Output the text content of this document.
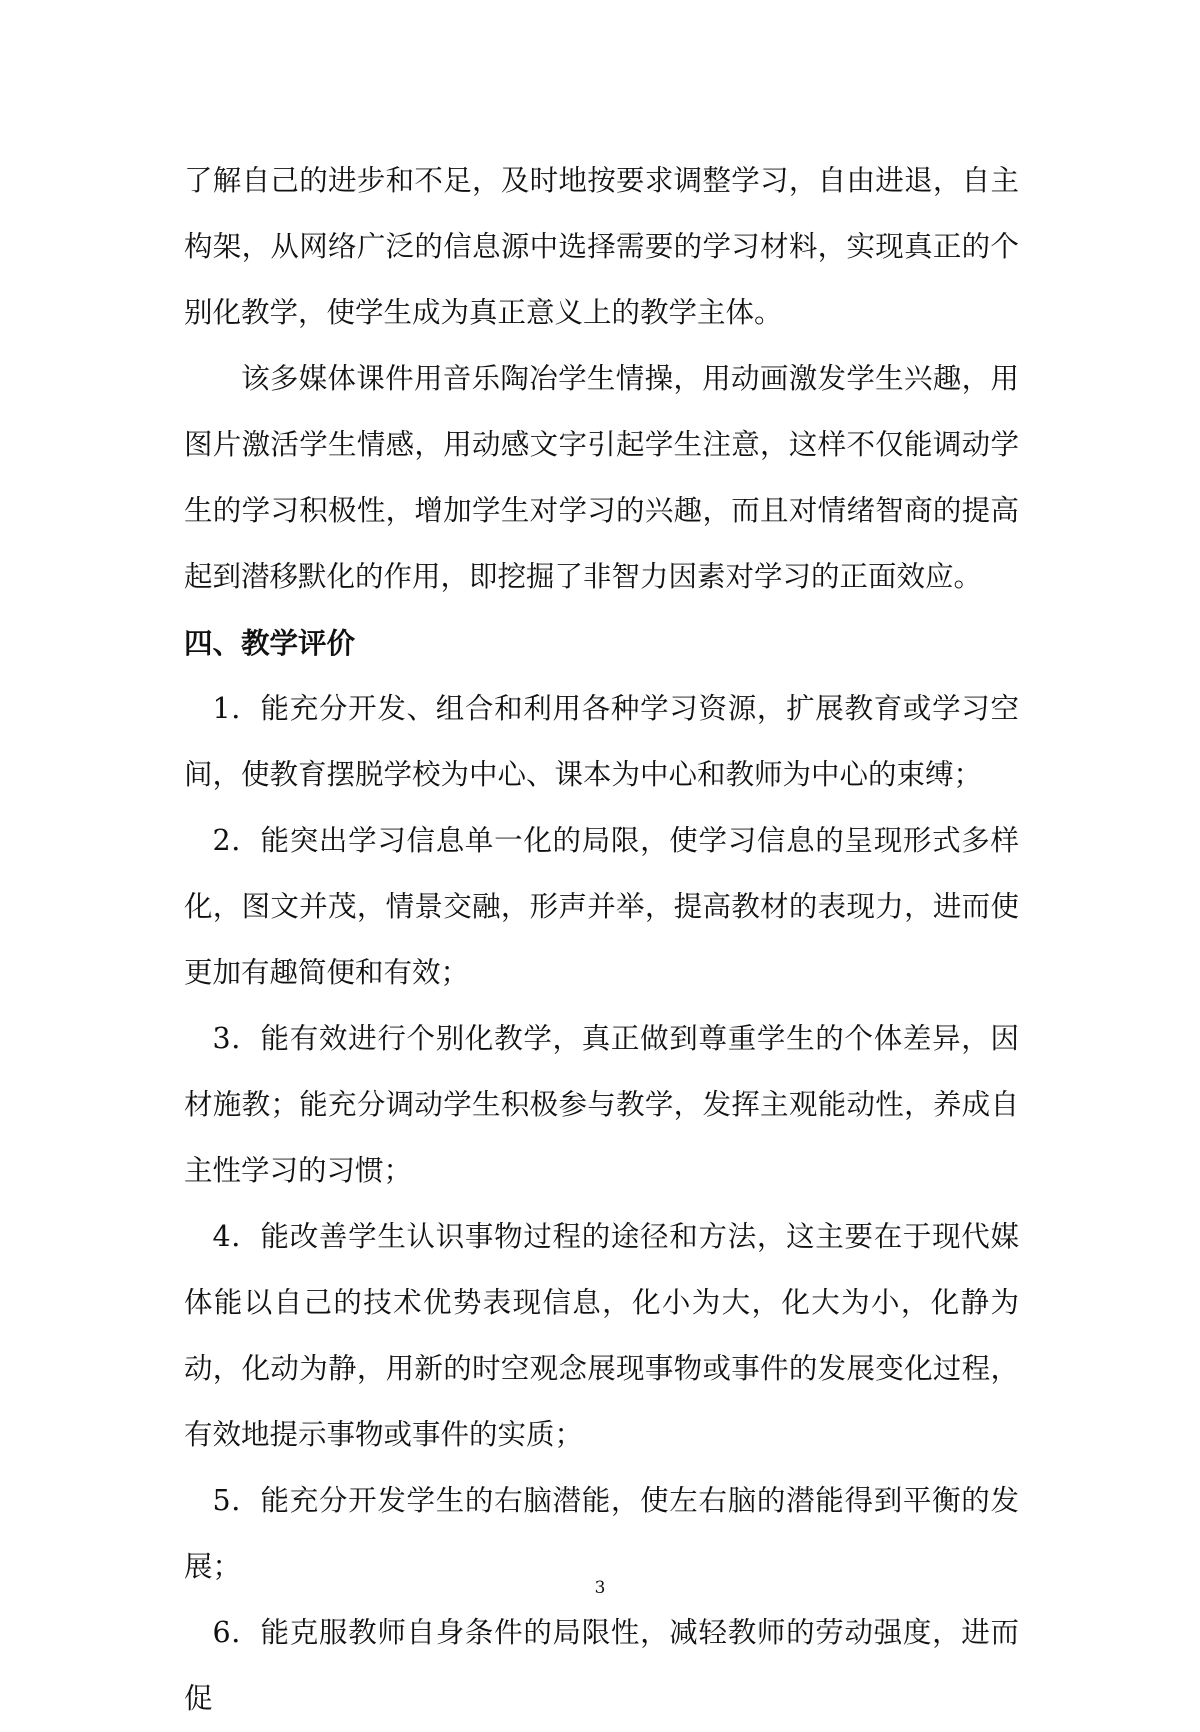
了解自己的进步和不足，及时地按要求调整学习，自由进退，自主构架，从网络广泛的信息源中选择需要的学习材料，实现真正的个别化教学，使学生成为真正意义上的教学主体。

该多媒体课件用音乐陶冶学生情操，用动画激发学生兴趣，用图片激活学生情感，用动感文字引起学生注意，这样不仅能调动学生的学习积极性，增加学生对学习的兴趣，而且对情绪智商的提高起到潜移默化的作用，即挖掘了非智力因素对学习的正面效应。

四、教学评价

1．能充分开发、组合和利用各种学习资源，扩展教育或学习空间，使教育摆脱学校为中心、课本为中心和教师为中心的束缚；

2．能突出学习信息单一化的局限，使学习信息的呈现形式多样化，图文并茂，情景交融，形声并举，提高教材的表现力，进而使更加有趣简便和有效；

3．能有效进行个别化教学，真正做到尊重学生的个体差异，因材施教；能充分调动学生积极参与教学，发挥主观能动性，养成自主性学习的习惯；

4．能改善学生认识事物过程的途径和方法，这主要在于现代媒体能以自己的技术优势表现信息，化小为大，化大为小，化静为动，化动为静，用新的时空观念展现事物或事件的发展变化过程，有效地提示事物或事件的实质；

5．能充分开发学生的右脑潜能，使左右脑的潜能得到平衡的发展；

6．能克服教师自身条件的局限性，减轻教师的劳动强度，进而促

3
